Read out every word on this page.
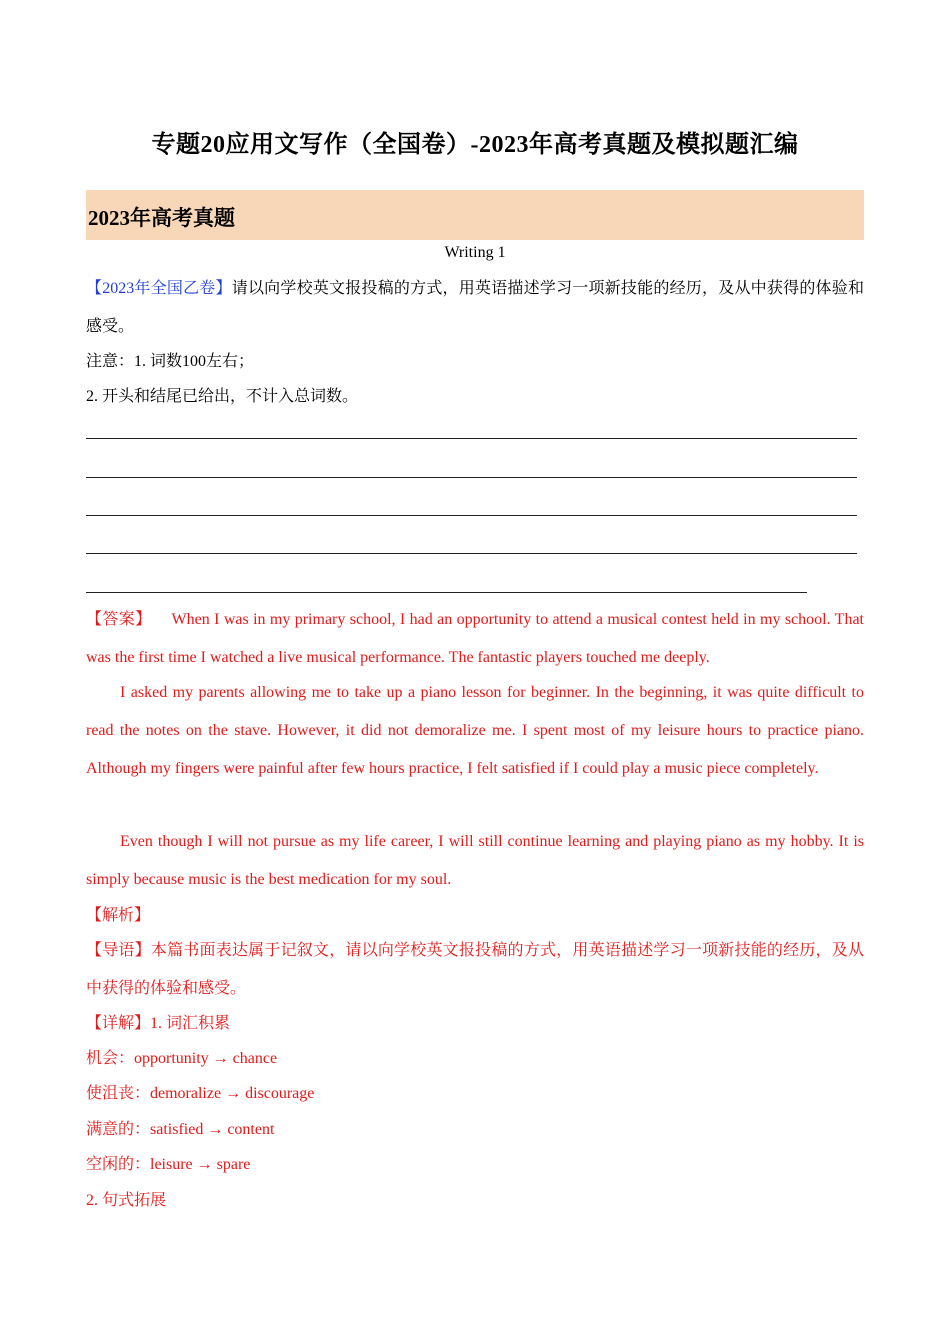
专题20应用文写作（全国卷）-2023年高考真题及模拟题汇编
2023年高考真题
Writing 1
【2023年全国乙卷】请以向学校英文报投稿的方式，用英语描述学习一项新技能的经历，及从中获得的体验和感受。
注意：1. 词数100左右；
2. 开头和结尾已给出，不计入总词数。
【答案】 When I was in my primary school, I had an opportunity to attend a musical contest held in my school. That was the first time I watched a live musical performance. The fantastic players touched me deeply.
I asked my parents allowing me to take up a piano lesson for beginner. In the beginning, it was quite difficult to read the notes on the stave. However, it did not demoralize me. I spent most of my leisure hours to practice piano. Although my fingers were painful after few hours practice, I felt satisfied if I could play a music piece completely.
Even though I will not pursue as my life career, I will still continue learning and playing piano as my hobby. It is simply because music is the best medication for my soul.
【解析】
【导语】本篇书面表达属于记叙文，请以向学校英文报投稿的方式，用英语描述学习一项新技能的经历，及从中获得的体验和感受。
【详解】1. 词汇积累
机会：opportunity → chance
使沮丧：demoralize → discourage
满意的：satisfied → content
空闲的：leisure → spare
2. 句式拓展
